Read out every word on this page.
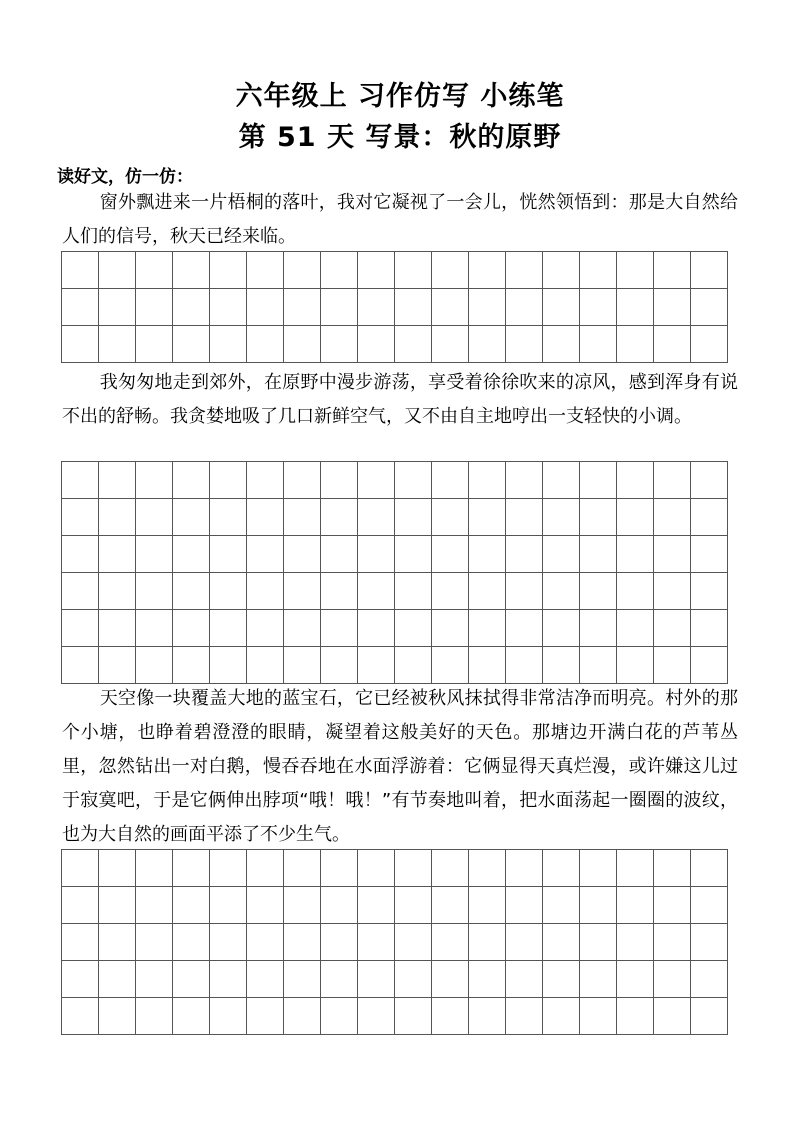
六年级上 习作仿写 小练笔
第 51 天 写景：秋的原野
读好文，仿一仿：

窗外飘进来一片梧桐的落叶，我对它凝视了一会儿，恍然领悟到：那是大自然给人们的信号，秋天已经来临。

我匆匆地走到郊外，在原野中漫步游荡，享受着徐徐吹来的凉风，感到浑身有说不出的舒畅。我贪婪地吸了几口新鲜空气，又不由自主地哼出一支轻快的小调。

天空像一块覆盖大地的蓝宝石，它已经被秋风抹拭得非常洁净而明亮。村外的那个小塘，也睁着碧澄澄的眼睛，凝望着这般美好的天色。那塘边开满白花的芦苇丛里，忽然钻出一对白鹅，慢吞吞地在水面浮游着：它俩显得天真烂漫，或许嫌这儿过于寂寞吧，于是它俩伸出脖项“哦！哦！”有节奏地叫着，把水面荡起一圈圈的波纹，也为大自然的画面平添了不少生气。
